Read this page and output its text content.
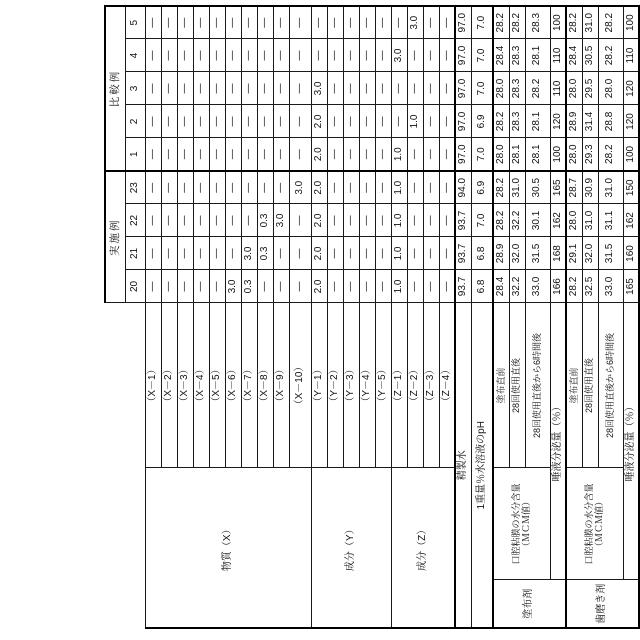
			実施例				比較例				
			20	21	22	23	1	2	3	4	5
物質（X）		（X－1）	—	—	—	—	—	—	—	—	—
		（X－2）	—	—	—	—	—	—	—	—	—
		（X－3）	—	—	—	—	—	—	—	—	—
		（X－4）	—	—	—	—	—	—	—	—	—
		（X－5）	—	—	—	—	—	—	—	—	—
		（X－6）	3.0	—	—	—	—	—	—	—	—
		（X－7）	0.3	3.0	—	—	—	—	—	—	—
		（X－8）	—	0.3	0.3	—	—	—	—	—	—
		（X－9）	—	—	3.0	—	—	—	—	—	—
		（X－10）	—	—	—	3.0	—	—	—	—	—
成分（Y）		（Y－1）	2.0	2.0	2.0	2.0	2.0	2.0	3.0	—	—
		（Y－2）	—	—	—	—	—	—	—	—	—
		（Y－3）	—	—	—	—	—	—	—	—	—
		（Y－4）	—	—	—	—	—	—	—	—	—
		（Y－5）	—	—	—	—	—	—	—	—	—
成分（Z）		（Z－1）	1.0	1.0	1.0	1.0	1.0	—	—	3.0	—
		（Z－2）	—	—	—	—	—	1.0	—	—	3.0
		（Z－3）	—	—	—	—	—	—	—	—	—
		（Z－4）	—	—	—	—	—	—	—	—	—
精製水			93.7	93.7	93.7	94.0	97.0	97.0	97.0	97.0	97.0
1重量％水溶液のpH			6.8	6.8	7.0	6.9	7.0	6.9	7.0	7.0	7.0
塗布剤	口腔粘膜の水分含量 （ＭＣＭ値）	塗布直前	28.4	28.9	28.2	28.2	28.0	28.2	28.0	28.4	28.2
		28回使用直後	32.2	32.0	32.2	31.0	28.1	28.3	28.3	28.3	28.2
		28回使用直後から6時間後	33.0	31.5	30.1	30.5	28.1	28.1	28.2	28.1	28.3
	唾液分泌量（％）		166	168	162	165	100	120	110	110	100
歯磨き剤	口腔粘膜の水分含量 （ＭＣＭ値）	塗布直前	28.2	29.1	28.0	28.7	28.0	28.9	28.0	28.4	28.2
		28回使用直後	32.5	32.0	31.0	30.9	29.3	31.4	29.5	30.5	31.0
		28回使用直後から6時間後	33.0	31.5	31.1	31.0	28.2	28.8	28.0	28.2	28.2
	唾液分泌量（％）		165	160	162	150	100	120	120	110	100
